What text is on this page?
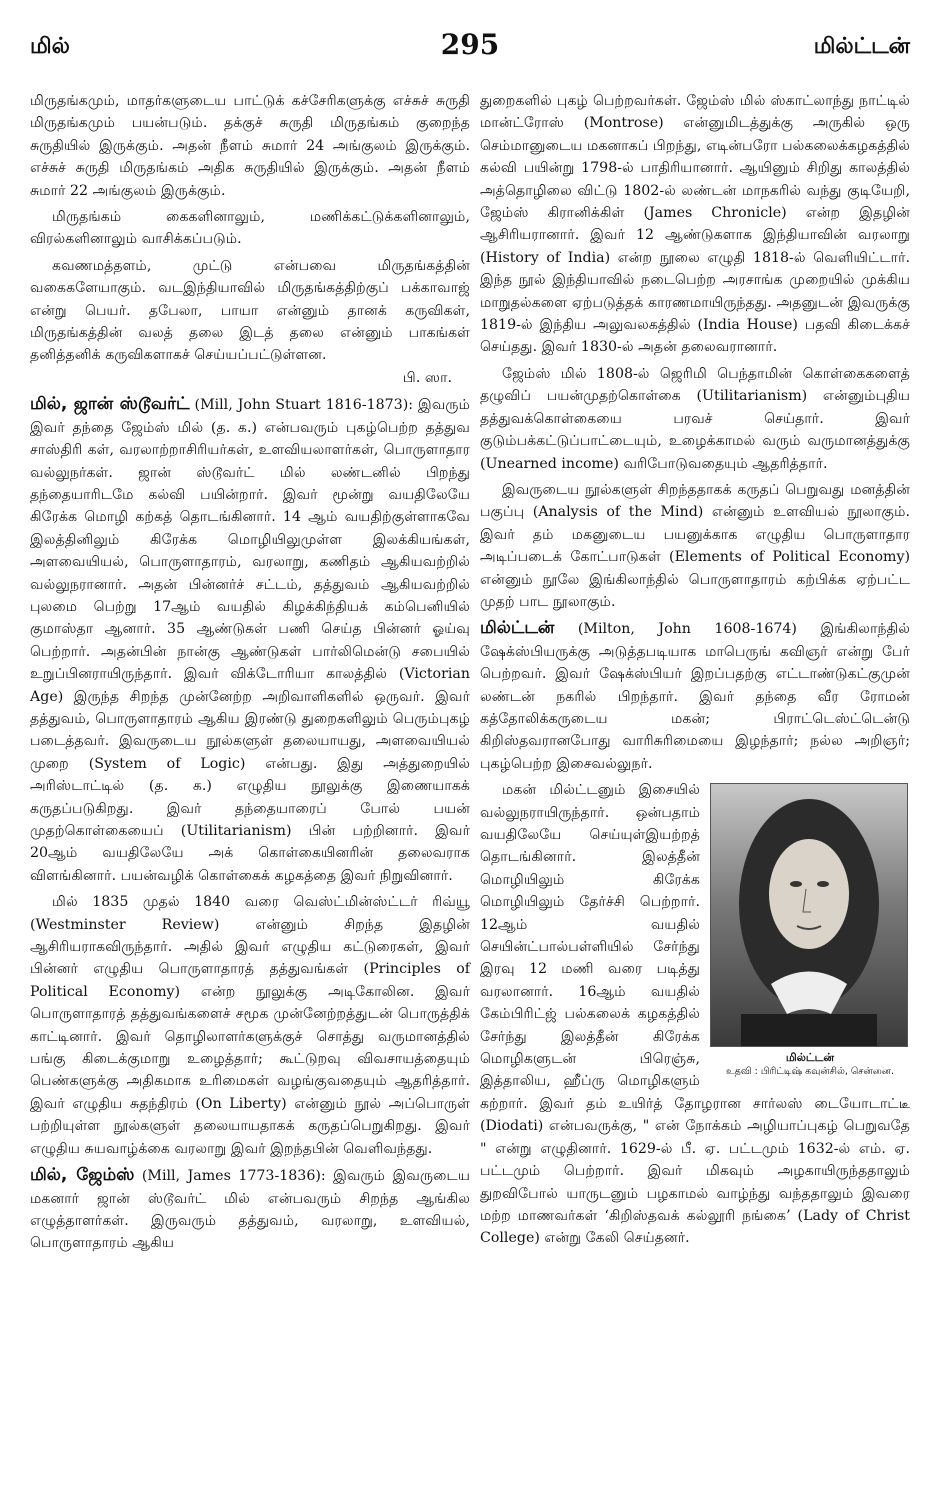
மில்	295	மில்ட்டன்

மிருதங்கமும், மாதர்களுடைய பாட்டுக் கச்சேரிகளுக்கு எச்சுச் சுருதி மிருதங்கமும் பயன்படும். தக்குச் சுருதி மிருதங்கம் குறைந்த சுருதியில் இருக்கும். அதன் நீளம் சுமார் 24 அங்குலம் இருக்கும். எச்சுச் சுருதி மிருதங்கம் அதிக சுருதியில் இருக்கும். அதன் நீளம் சுமார் 22 அங்குலம் இருக்கும்.

மிருதங்கம் கைகளினாலும், மணிக்கட்டுக்களினாலும், விரல்களினாலும் வாசிக்கப்படும்.

கவணமத்தளம், முட்டு என்பவை மிருதங்கத்தின் வகைகளேயாகும். வடஇந்தியாவில் மிருதங்கத்திற்குப் பக்காவாஜ் என்று பெயர். தபேலா, பாயா என்னும் தானக் கருவிகள், மிருதங்கத்தின் வலத் தலை இடத் தலை என்னும் பாகங்கள் தனித்தனிக் கருவிகளாகச் செய்யப்பட்டுள்ளன.

பி. ஸா.

மில், ஜான் ஸ்டூவர்ட் (Mill, John Stuart 1816-1873): இவரும் இவர் தந்தை ஜேம்ஸ் மில் (த. க.) என்பவரும் புகழ்பெற்ற தத்துவ சாஸ்திரி கள், வரலாற்றாசிரியர்கள், உளவியலாளர்கள், பொருளாதார வல்லுநர்கள். ஜான் ஸ்டூவர்ட் மில் லண்டனில் பிறந்து தந்தையாரிடமே கல்வி பயின்றார். இவர் மூன்று வயதிலேயே கிரேக்க மொழி கற்கத் தொடங்கினார். 14 ஆம் வயதிற்குள்ளாகவே இலத்தினிலும் கிரேக்க மொழியிலுமுள்ள இலக்கியங்கள், அளவையியல், பொருளாதாரம், வரலாறு, கணிதம் ஆகியவற்றில் வல்லுநரானார். அதன் பின்னர்ச் சட்டம், தத்துவம் ஆகியவற்றில் புலமை பெற்று 17ஆம் வயதில் கிழக்கிந்தியக் கம்பெனியில் குமாஸ்தா ஆனார். 35 ஆண்டுகள் பணி செய்த பின்னர் ஓய்வு பெற்றார். அதன்பின் நான்கு ஆண்டுகள் பார்லிமென்டு சபையில் உறுப்பினராயிருந்தார். இவர் விக்டோரியா காலத்தில் (Victorian Age) இருந்த சிறந்த முன்னேற்ற அறிவாளிகளில் ஒருவர். இவர் தத்துவம், பொருளாதாரம் ஆகிய இரண்டு துறைகளிலும் பெரும்புகழ் படைத்தவர். இவருடைய நூல்களுள் தலையாயது, அளவையியல் முறை (System of Logic) என்பது. இது அத்துறையில் அரிஸ்டாட்டில் (த. க.) எழுதிய நூலுக்கு இணையாகக் கருதப்படுகிறது. இவர் தந்தையாரைப் போல் பயன் முதற்கொள்கையைப் (Utilitarianism) பின் பற்றினார். இவர் 20ஆம் வயதிலேயே அக் கொள்கையினரின் தலைவராக விளங்கினார். பயன்வழிக் கொள்கைக் கழகத்தை இவர் நிறுவினார்.

மில் 1835 முதல் 1840 வரை வெஸ்ட்மின்ஸ்ட்டர் ரிவ்யூ (Westminster Review) என்னும் சிறந்த இதழின் ஆசிரியராகவிருந்தார். அதில் இவர் எழுதிய கட்டுரைகள், இவர் பின்னர் எழுதிய பொருளாதாரத் தத்துவங்கள் (Principles of Political Economy) என்ற நூலுக்கு அடிகோலின. இவர் பொருளாதாரத் தத்துவங்களைச் சமூக முன்னேற்றத்துடன் பொருத்திக் காட்டினார். இவர் தொழிலாளர்களுக்குச் சொத்து வருமானத்தில் பங்கு கிடைக்குமாறு உழைத்தார்; கூட்டுறவு விவசாயத்தையும் பெண்களுக்கு அதிகமாக உரிமைகள் வழங்குவதையும் ஆதரித்தார். இவர் எழுதிய சுதந்திரம் (On Liberty) என்னும் நூல் அப்பொருள் பற்றியுள்ள நூல்களுள் தலையாயதாகக் கருதப்பெறுகிறது. இவர் எழுதிய சுயவாழ்க்கை வரலாறு இவர் இறந்தபின் வெளிவந்தது.

மில், ஜேம்ஸ் (Mill, James 1773-1836): இவரும் இவருடைய மகனார் ஜான் ஸ்டூவர்ட் மில் என்பவரும் சிறந்த ஆங்கில எழுத்தாளர்கள். இருவரும் தத்துவம், வரலாறு, உளவியல், பொருளாதாரம் ஆகிய

துறைகளில் புகழ் பெற்றவர்கள். ஜேம்ஸ் மில் ஸ்காட்லாந்து நாட்டில் மான்ட்ரோஸ் (Montrose) என்னுமிடத்துக்கு அருகில் ஒரு செம்மானுடைய மகனாகப் பிறந்து, எடின்பரோ பல்கலைக்கழகத்தில் கல்வி பயின்று 1798-ல் பாதிரியானார். ஆயினும் சிறிது காலத்தில் அத்தொழிலை விட்டு 1802-ல் லண்டன் மாநகரில் வந்து குடியேறி, ஜேம்ஸ் கிரானிக்கிள் (James Chronicle) என்ற இதழின் ஆசிரியரானார். இவர் 12 ஆண்டுகளாக இந்தியாவின் வரலாறு (History of India) என்ற நூலை எழுதி 1818-ல் வெளியிட்டார். இந்த நூல் இந்தியாவில் நடைபெற்ற அரசாங்க முறையில் முக்கிய மாறுதல்களை ஏற்படுத்தக் காரணமாயிருந்தது. அதனுடன் இவருக்கு 1819-ல் இந்திய அலுவலகத்தில் (India House) பதவி கிடைக்கச் செய்தது. இவர் 1830-ல் அதன் தலைவரானார்.

ஜேம்ஸ் மில் 1808-ல் ஜெரிமி பெந்தாமின் கொள்கைகளைத் தழுவிப் பயன்முதற்கொள்கை (Utilitarianism) என்னும்புதிய தத்துவக்கொள்கையை பரவச் செய்தார். இவர் குடும்பக்கட்டுப்பாட்டையும், உழைக்காமல் வரும் வருமானத்துக்கு (Unearned income) வரிபோடுவதையும் ஆதரித்தார்.

இவருடைய நூல்களுள் சிறந்ததாகக் கருதப் பெறுவது மனத்தின் பகுப்பு (Analysis of the Mind) என்னும் உளவியல் நூலாகும். இவர் தம் மகனுடைய பயனுக்காக எழுதிய பொருளாதார அடிப்படைக் கோட்பாடுகள் (Elements of Political Economy) என்னும் நூலே இங்கிலாந்தில் பொருளாதாரம் கற்பிக்க ஏற்பட்ட முதற் பாட நூலாகும்.

மில்ட்டன் (Milton, John 1608-1674) இங்கிலாந்தில் ஷேக்ஸ்பியருக்கு அடுத்தபடியாக மாபெருங் கவிஞர் என்று பேர் பெற்றவர். இவர் ஷேக்ஸ்பியர் இறப்பதற்கு எட்டாண்டுகட்குமுன் லண்டன் நகரில் பிறந்தார். இவர் தந்தை வீர ரோமன் கத்தோலிக்கருடைய மகன்; பிராட்டெஸ்ட்டென்டு கிறிஸ்தவரானபோது வாரிசுரிமையை இழந்தார்; நல்ல அறிஞர்; புகழ்பெற்ற இசைவல்லுநர்.

மில்ட்டன்
உதவி : பிரிட்டிஷ் கவுன்சில், சென்னை.

மகன் மில்ட்டனும் இசையில் வல்லுநராயிருந்தார். ஒன்பதாம் வயதிலேயே செய்யுள்இயற்றத் தொடங்கினார். இலத்தீன் மொழியிலும் கிரேக்க மொழியிலும் தேர்ச்சி பெற்றார். 12ஆம் வயதில் செயின்ட்பால்பள்ளியில் சேர்ந்து இரவு 12 மணி வரை படித்து வரலானார். 16ஆம் வயதில் கேம்பிரிட்ஜ் பல்கலைக் கழகத்தில் சேர்ந்து இலத்தீன் கிரேக்க மொழிகளுடன் பிரெஞ்சு, இத்தாலிய, ஹீப்ரு மொழிகளும் கற்றார். இவர் தம் உயிர்த் தோழரான சார்லஸ் டையோடாட்டீ (Diodati) என்பவருக்கு, " என் நோக்கம் அழியாப்புகழ் பெறுவதே " என்று எழுதினார். 1629-ல் பீ. ஏ. பட்டமும் 1632-ல் எம். ஏ. பட்டமும் பெற்றார். இவர் மிகவும் அழகாயிருந்ததாலும் துறவிபோல் யாருடனும் பழகாமல் வாழ்ந்து வந்ததாலும் இவரை மற்ற மாணவர்கள் ‘கிறிஸ்தவக் கல்லூரி நங்கை’ (Lady of Christ College) என்று கேலி செய்தனர்.
